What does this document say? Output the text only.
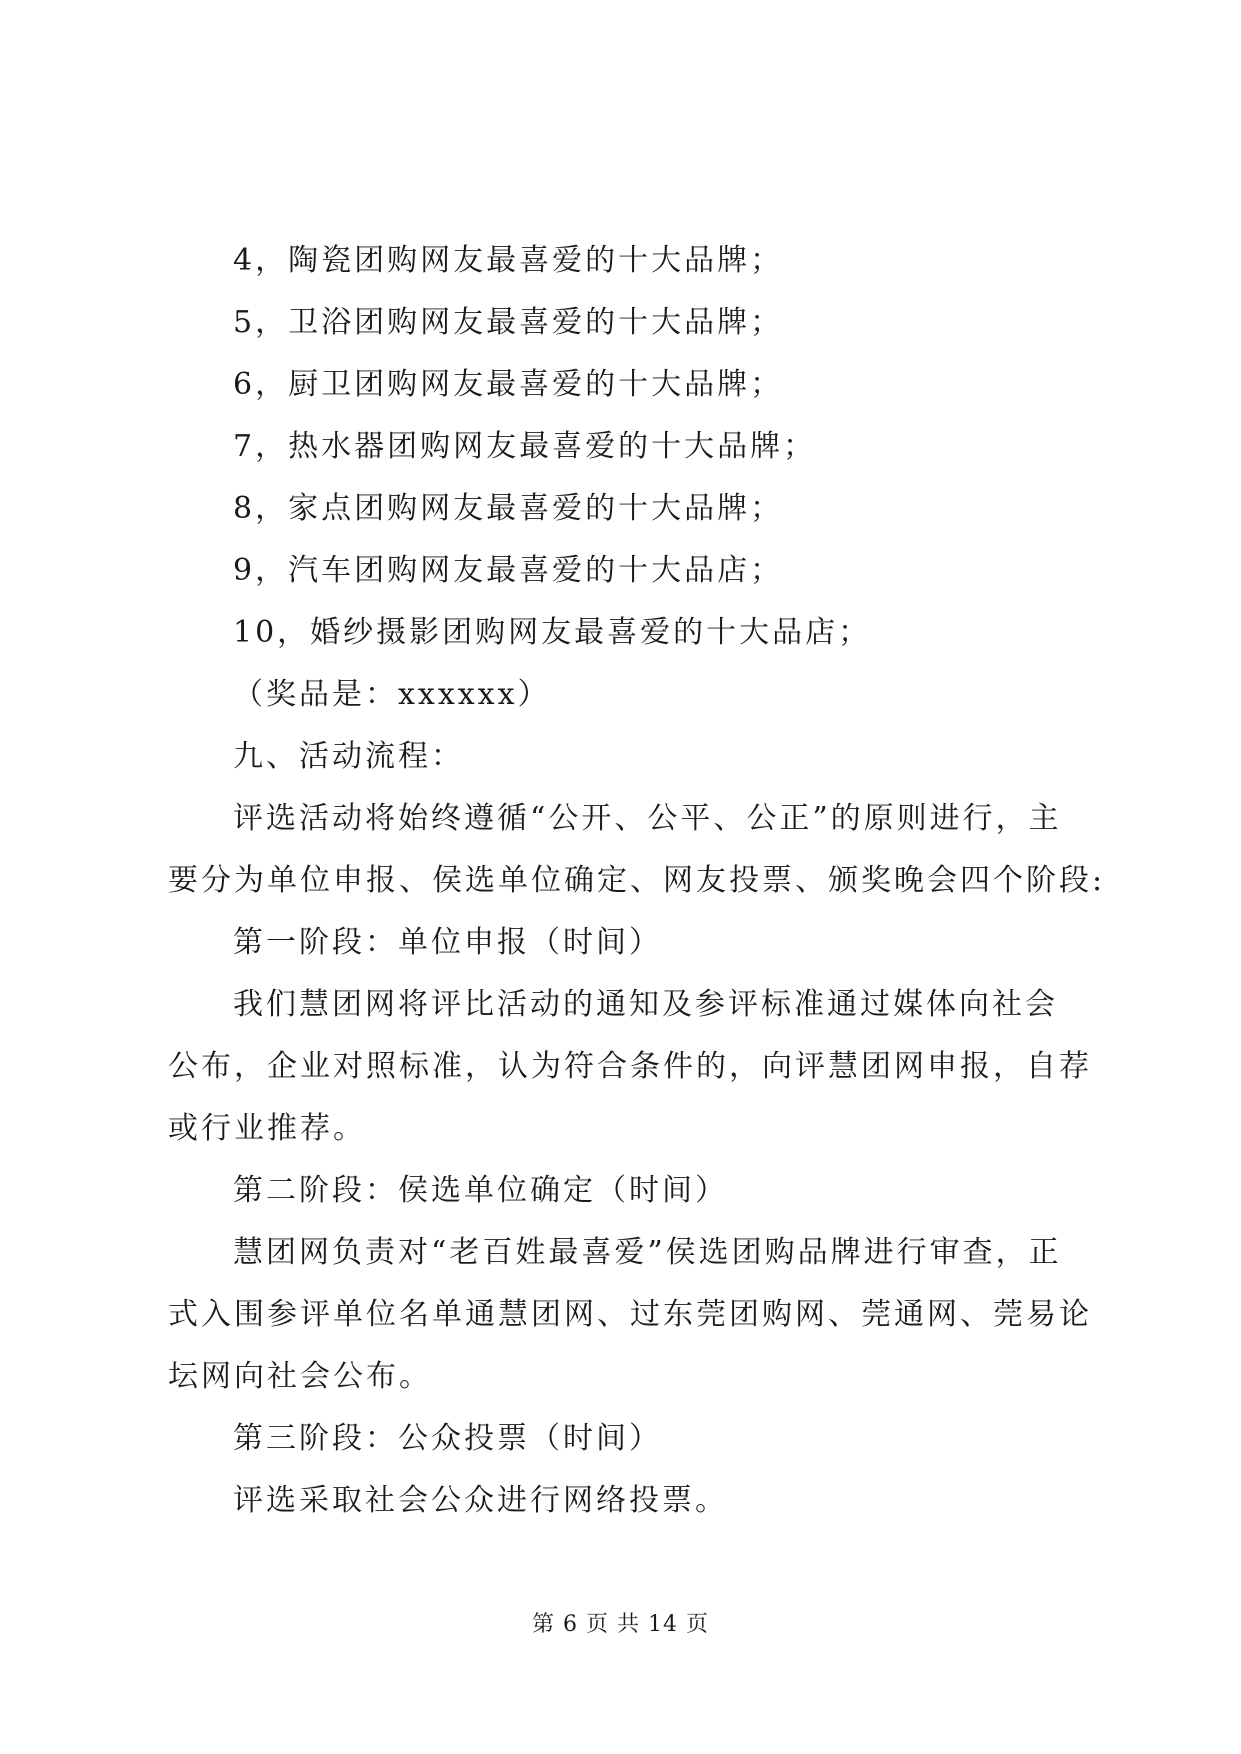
4，陶瓷团购网友最喜爱的十大品牌；
5，卫浴团购网友最喜爱的十大品牌；
6，厨卫团购网友最喜爱的十大品牌；
7，热水器团购网友最喜爱的十大品牌；
8，家点团购网友最喜爱的十大品牌；
9，汽车团购网友最喜爱的十大品店；
10，婚纱摄影团购网友最喜爱的十大品店；
（奖品是：xxxxxx）
九、活动流程：
评选活动将始终遵循“公开、公平、公正”的原则进行，主
要分为单位申报、侯选单位确定、网友投票、颁奖晚会四个阶段:
第一阶段：单位申报（时间）
我们慧团网将评比活动的通知及参评标准通过媒体向社会
公布，企业对照标准，认为符合条件的，向评慧团网申报，自荐
或行业推荐。
第二阶段：侯选单位确定（时间）
慧团网负责对“老百姓最喜爱”侯选团购品牌进行审查，正
式入围参评单位名单通慧团网、过东莞团购网、莞通网、莞易论
坛网向社会公布。
第三阶段：公众投票（时间）
评选采取社会公众进行网络投票。
第 6 页 共 14 页
